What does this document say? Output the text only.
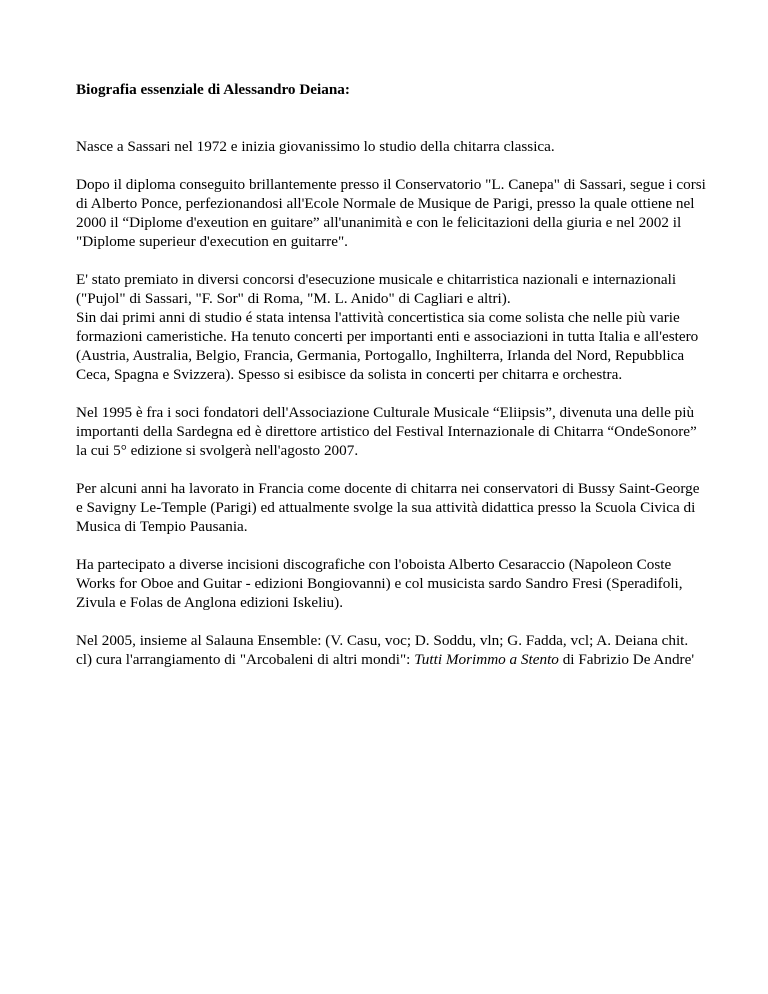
Biografia essenziale di Alessandro Deiana:

Nasce a Sassari nel 1972 e inizia giovanissimo lo studio della chitarra classica.

Dopo il diploma conseguito brillantemente presso il Conservatorio "L. Canepa" di Sassari, segue i corsi di Alberto Ponce, perfezionandosi all'Ecole Normale de Musique de Parigi, presso la quale ottiene nel 2000 il “Diplome d'exeution en guitare” all'unanimità e con le felicitazioni della giuria e nel 2002 il "Diplome superieur d'execution en guitarre".

E' stato premiato in diversi concorsi d'esecuzione musicale e chitarristica nazionali e internazionali ("Pujol" di Sassari, "F. Sor" di Roma, "M. L. Anido" di Cagliari e altri).

Sin dai primi anni di studio é stata intensa l'attività concertistica sia come solista che nelle più varie formazioni cameristiche. Ha tenuto concerti per importanti enti e associazioni in tutta Italia e all'estero (Austria, Australia, Belgio, Francia, Germania, Portogallo, Inghilterra, Irlanda del Nord, Repubblica Ceca, Spagna e Svizzera). Spesso si esibisce da solista in concerti per chitarra e orchestra.

Nel 1995 è fra i soci fondatori dell'Associazione Culturale Musicale “Eliipsis”, divenuta una delle più importanti della Sardegna ed è direttore artistico del Festival Internazionale di Chitarra “OndeSonore” la cui 5° edizione si svolgerà nell'agosto 2007.

Per alcuni anni ha lavorato in Francia come docente di chitarra nei conservatori di Bussy Saint-George e Savigny Le-Temple (Parigi) ed attualmente svolge la sua attività didattica presso la Scuola Civica di Musica di Tempio Pausania.

Ha partecipato a diverse incisioni discografiche con l'oboista Alberto Cesaraccio (Napoleon Coste Works for Oboe and Guitar - edizioni Bongiovanni) e col musicista sardo Sandro Fresi (Speradifoli, Zivula e Folas de Anglona edizioni Iskeliu).

Nel 2005, insieme al Salauna Ensemble: (V. Casu, voc; D. Soddu, vln; G. Fadda, vcl; A. Deiana chit. cl) cura l'arrangiamento di "Arcobaleni di altri mondi": Tutti Morimmo a Stento di Fabrizio De Andre'
